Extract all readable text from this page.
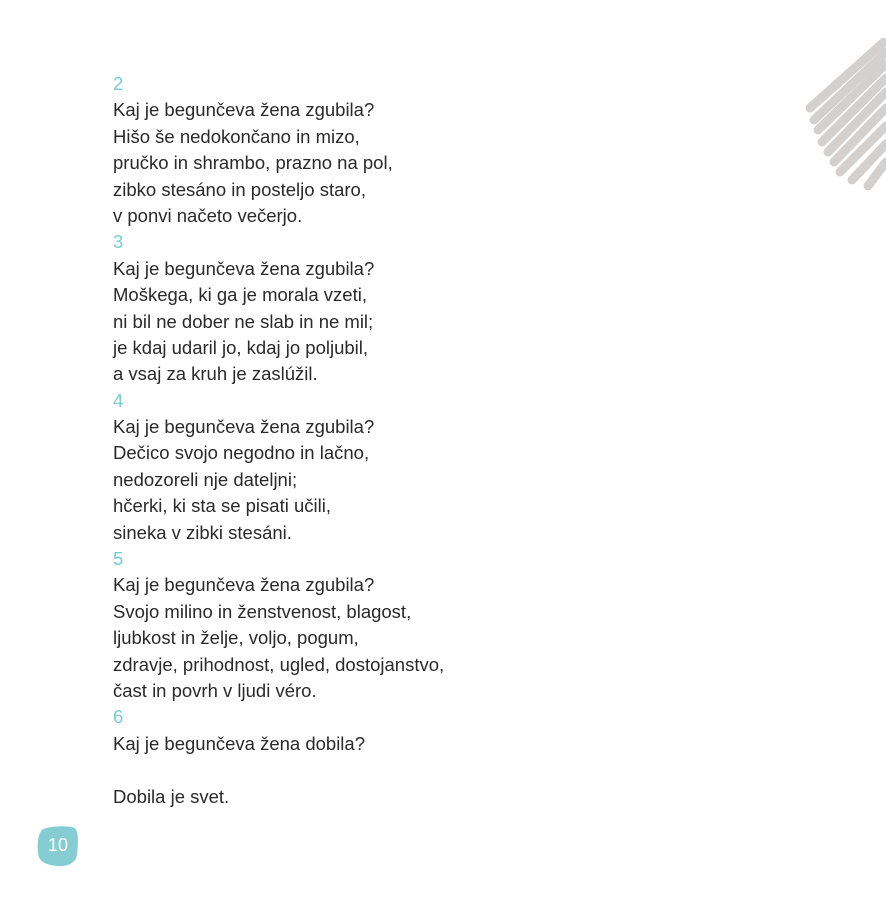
2
Kaj je begunčeva žena zgubila?
Hišo še nedokončano in mizo,
pručko in shrambo, prazno na pol,
zibko stesáno in posteljo staro,
v ponvi načeto večerjo.
3
Kaj je begunčeva žena zgubila?
Moškega, ki ga je morala vzeti,
ni bil ne dober ne slab in ne mil;
je kdaj udaril jo, kdaj jo poljubil,
a vsaj za kruh je zaslúžil.
4
Kaj je begunčeva žena zgubila?
Dečico svojo negodno in lačno,
nedozoreli nje dateljni;
hčerki, ki sta se pisati učili,
sineka v zibki stesáni.
5
Kaj je begunčeva žena zgubila?
Svojo milino in ženstvenost, blagost,
ljubkost in želje, voljo, pogum,
zdravje, prihodnost, ugled, dostojanstvo,
čast in povrh v ljudi véro.
6
Kaj je begunčeva žena dobila?
Dobila je svet.
10
